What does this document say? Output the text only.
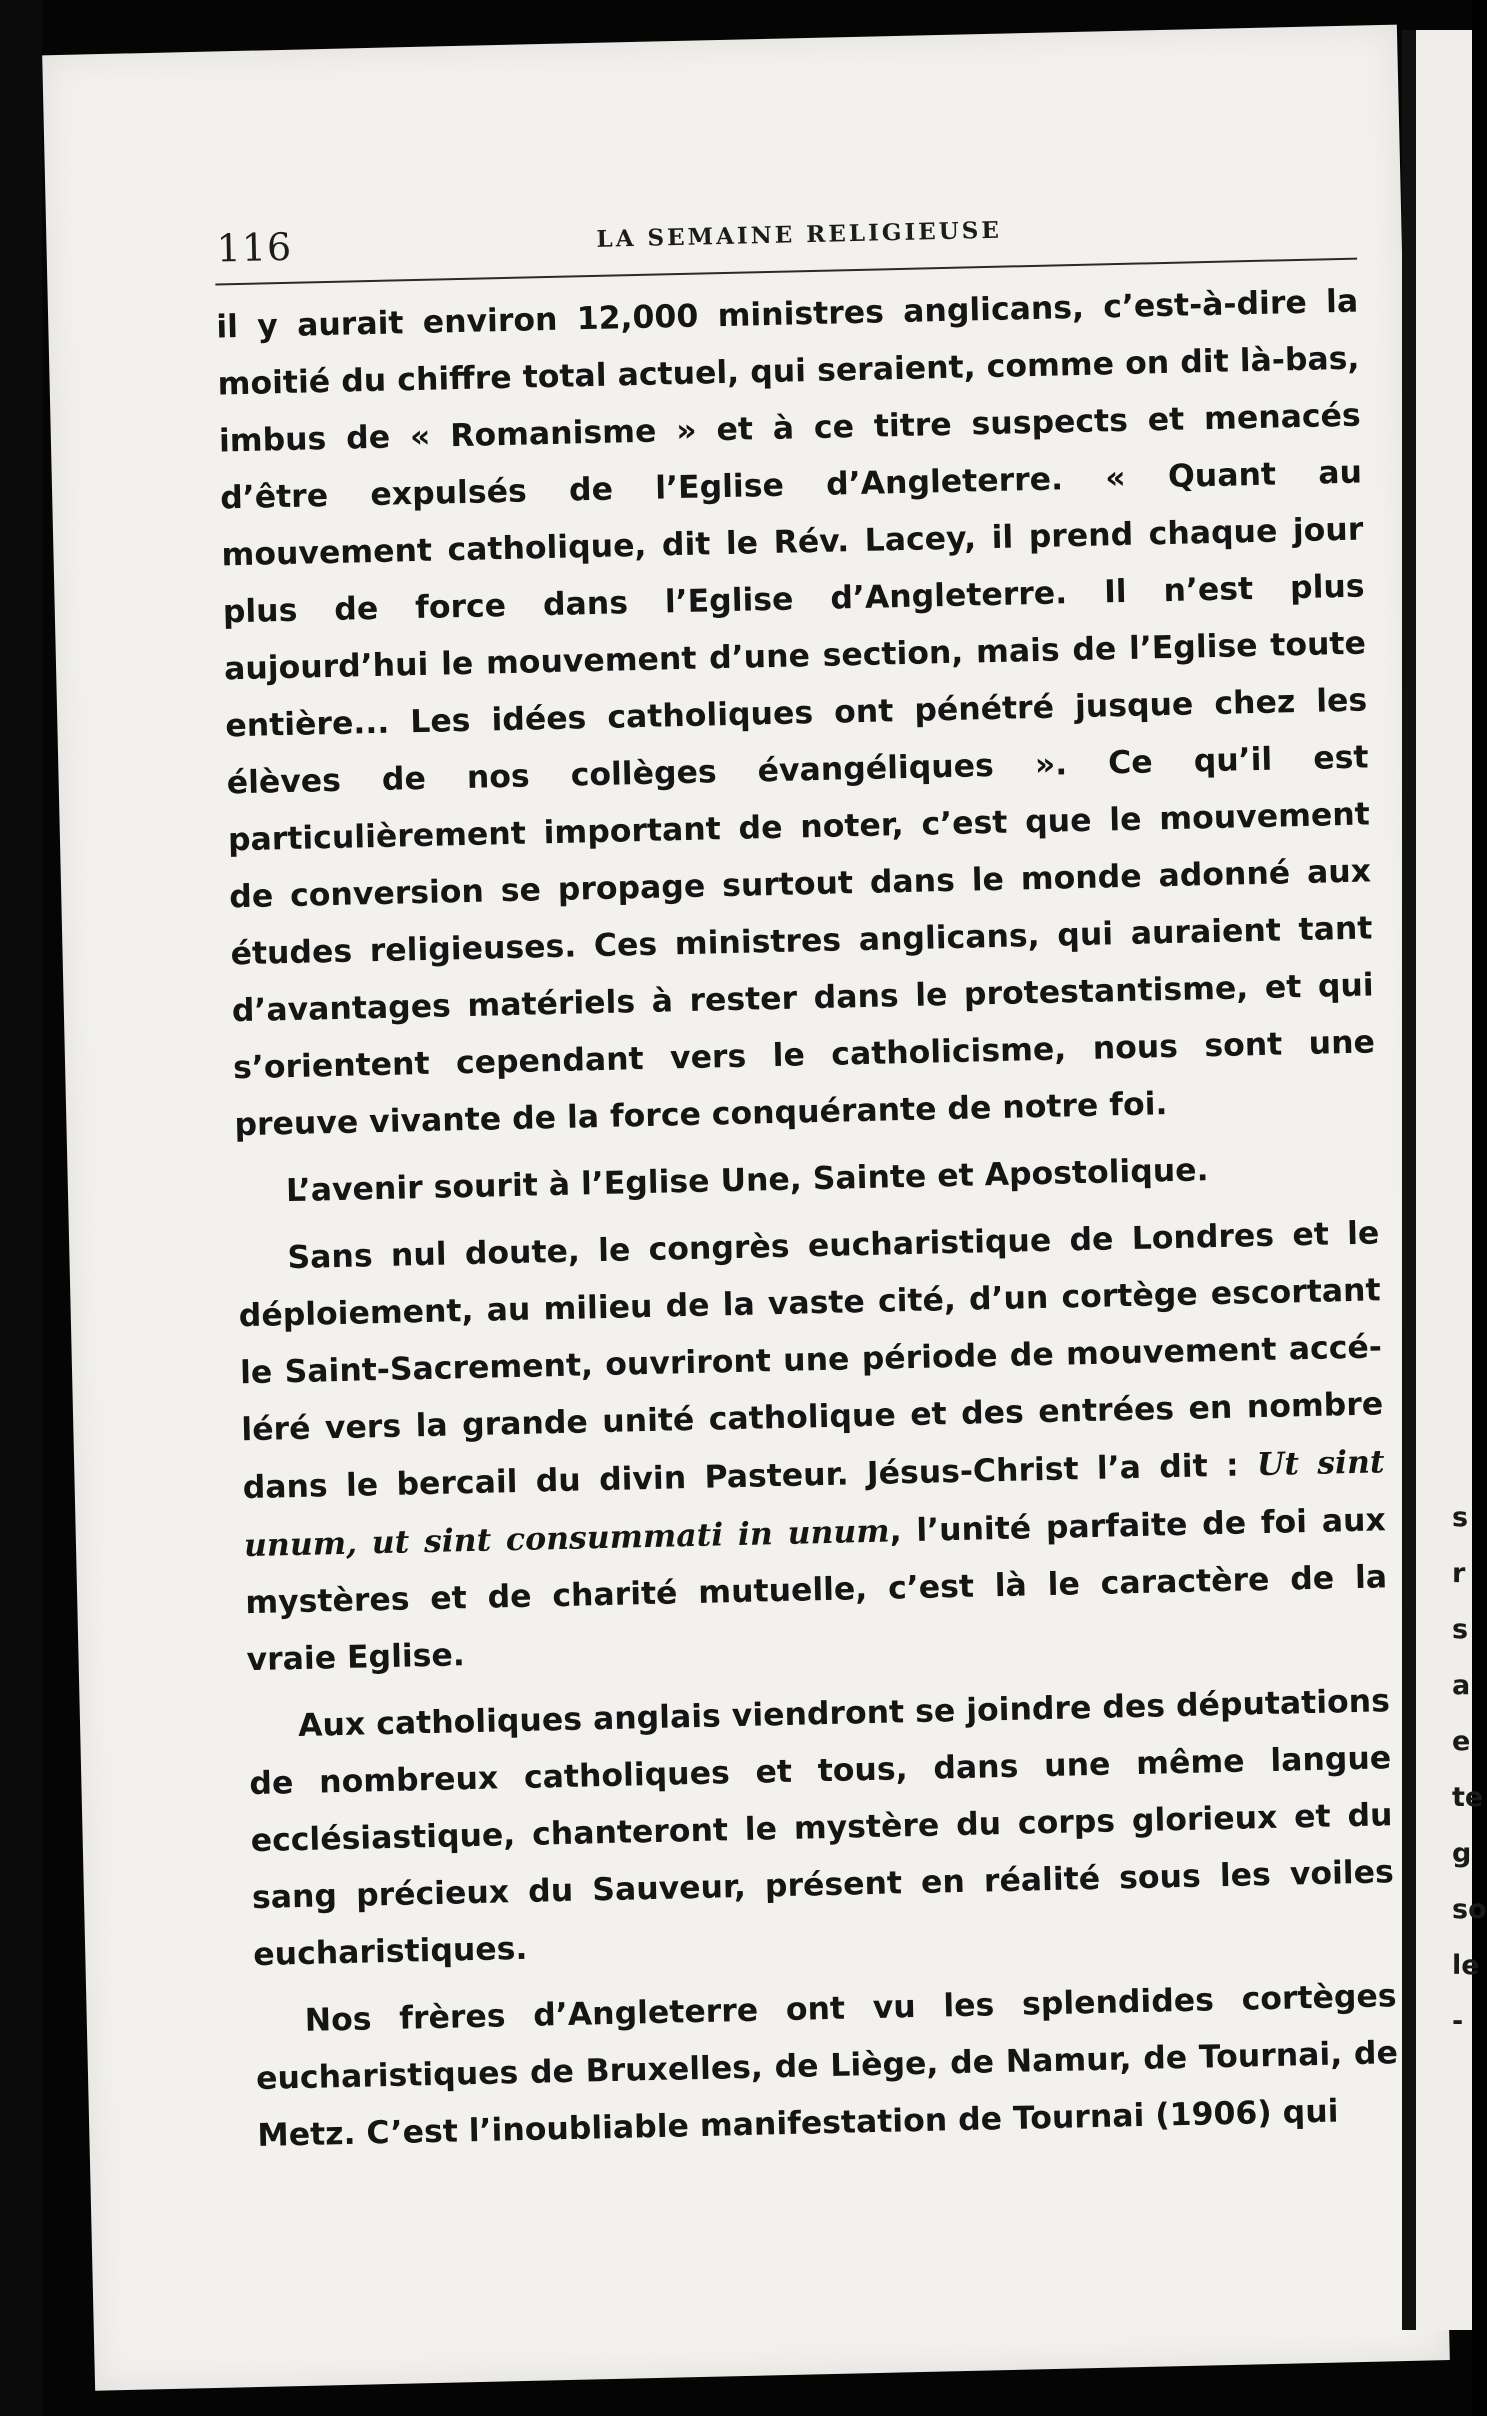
116	LA SEMAINE RELIGIEUSE

il y aurait environ 12,000 ministres anglicans, c’est-à-dire la moitié du chiffre total actuel, qui seraient, comme on dit là-bas, imbus de « Romanisme » et à ce titre suspects et menacés d’être expulsés de l’Eglise d’Angleterre. « Quant au mouvement catholique, dit le Rév. Lacey, il prend chaque jour plus de force dans l’Eglise d’Angleterre. Il n’est plus aujourd’hui le mouvement d’une section, mais de l’Eglise toute entière... Les idées catholiques ont pénétré jusque chez les élèves de nos collèges évangéliques ». Ce qu’il est particulièrement important de noter, c’est que le mouvement de conversion se propage surtout dans le monde adonné aux études religieuses. Ces ministres anglicans, qui auraient tant d’avantages matériels à rester dans le protestantisme, et qui s’orientent cependant vers le catholicisme, nous sont une preuve vivante de la force conquérante de notre foi.

L’avenir sourit à l’Eglise Une, Sainte et Apostolique.

Sans nul doute, le congrès eucharistique de Londres et le déploiement, au milieu de la vaste cité, d’un cortège escortant le Saint-Sacrement, ouvriront une période de mouvement accéléré vers la grande unité catholique et des entrées en nombre dans le bercail du divin Pasteur. Jésus-Christ l’a dit : Ut sint unum, ut sint consummati in unum, l’unité parfaite de foi aux mystères et de charité mutuelle, c’est là le caractère de la vraie Eglise.

Aux catholiques anglais viendront se joindre des députations de nombreux catholiques et tous, dans une même langue ecclésiastique, chanteront le mystère du corps glorieux et du sang précieux du Sauveur, présent en réalité sous les voiles eucharistiques.

Nos frères d’Angleterre ont vu les splendides cortèges eucharistiques de Bruxelles, de Liège, de Namur, de Tournai, de Metz. C’est l’inoubliable manifestation de Tournai (1906) qui

s
r
s
a
e
te
g
so
le
-
